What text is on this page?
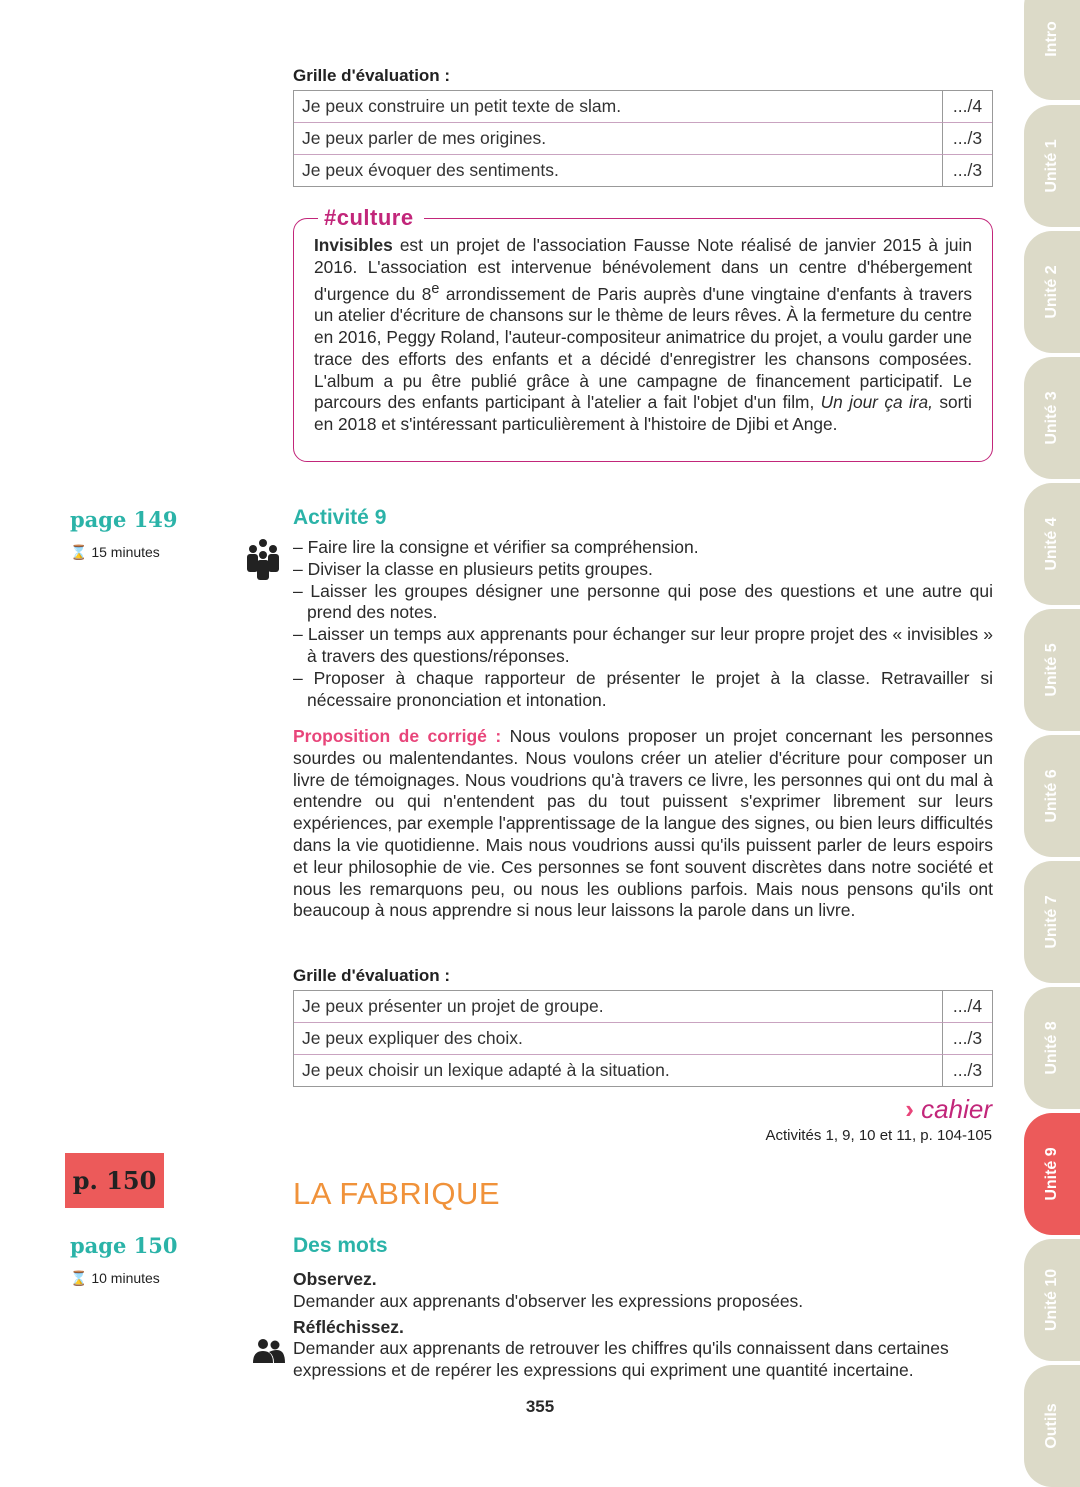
Grille d'évaluation :
Je peux construire un petit texte de slam.	.../4
Je peux parler de mes origines.	.../3
Je peux évoquer des sentiments.	.../3
Invisibles est un projet de l'association Fausse Note réalisé de janvier 2015 à juin 2016. L'association est intervenue bénévolement dans un centre d'hébergement d'urgence du 8e arrondissement de Paris auprès d'une vingtaine d'enfants à travers un atelier d'écriture de chansons sur le thème de leurs rêves. À la fermeture du centre en 2016, Peggy Roland, l'auteur-compositeur animatrice du projet, a voulu garder une trace des efforts des enfants et a décidé d'enregistrer les chansons composées. L'album a pu être publié grâce à une campagne de financement participatif. Le parcours des enfants participant à l'atelier a fait l'objet d'un film, Un jour ça ira, sorti en 2018 et s'intéressant particulièrement à l'histoire de Djibi et Ange.
#culture
page 149
⌛ 15 minutes
Activité 9
– Faire lire la consigne et vérifier sa compréhension.
– Diviser la classe en plusieurs petits groupes.
– Laisser les groupes désigner une personne qui pose des questions et une autre qui prend des notes.
– Laisser un temps aux apprenants pour échanger sur leur propre projet des « invisibles » à travers des questions/réponses.
– Proposer à chaque rapporteur de présenter le projet à la classe. Retravailler si nécessaire prononciation et intonation.
Proposition de corrigé : Nous voulons proposer un projet concernant les personnes sourdes ou malentendantes. Nous voulons créer un atelier d'écriture pour composer un livre de témoignages. Nous voudrions qu'à travers ce livre, les personnes qui ont du mal à entendre ou qui n'entendent pas du tout puissent s'exprimer librement sur leurs expériences, par exemple l'apprentissage de la langue des signes, ou bien leurs difficultés dans la vie quotidienne. Mais nous voudrions aussi qu'ils puissent parler de leurs espoirs et leur philosophie de vie. Ces personnes se font souvent discrètes dans notre société et nous les remarquons peu, ou nous les oublions parfois. Mais nous pensons qu'ils ont beaucoup à nous apprendre si nous leur laissons la parole dans un livre.
Grille d'évaluation :
Je peux présenter un projet de groupe.	.../4
Je peux expliquer des choix.	.../3
Je peux choisir un lexique adapté à la situation.	.../3
› cahier
Activités 1, 9, 10 et 11, p. 104-105
p. 150	LA FABRIQUE
page 150
⌛ 10 minutes
Des mots
Observez.
Demander aux apprenants d'observer les expressions proposées.
Réfléchissez.
Demander aux apprenants de retrouver les chiffres qu'ils connaissent dans certaines expressions et de repérer les expressions qui expriment une quantité incertaine.
355
Intro
Unité 1
Unité 2
Unité 3
Unité 4
Unité 5
Unité 6
Unité 7
Unité 8
Unité 9
Unité 10
Outils
